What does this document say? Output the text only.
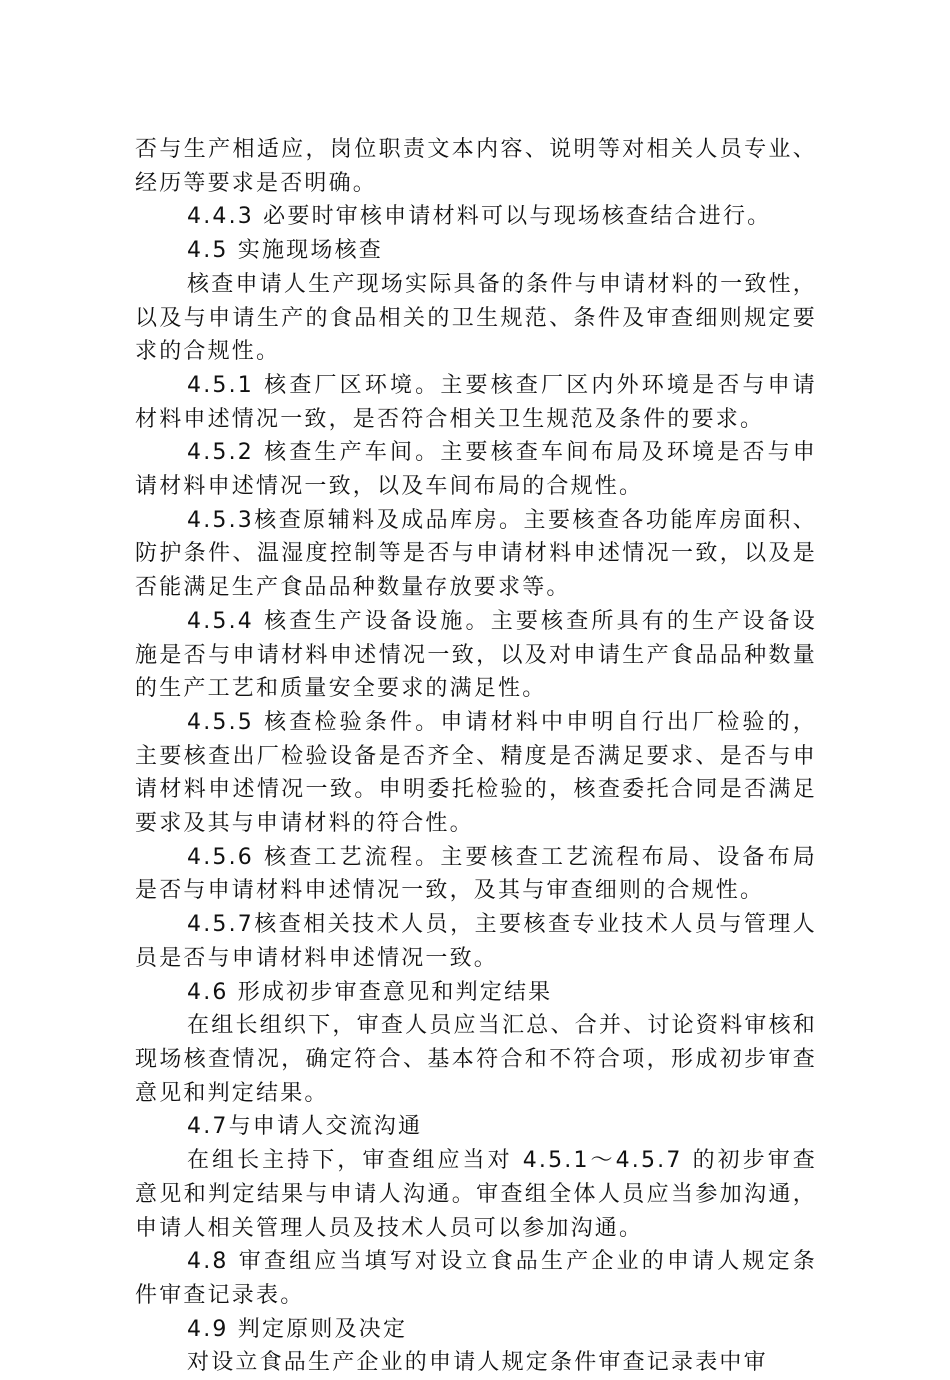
否与生产相适应，岗位职责文本内容、说明等对相关人员专业、经历等要求是否明确。

4.4.3 必要时审核申请材料可以与现场核查结合进行。

4.5 实施现场核查

核查申请人生产现场实际具备的条件与申请材料的一致性，以及与申请生产的食品相关的卫生规范、条件及审查细则规定要求的合规性。

4.5.1 核查厂区环境。主要核查厂区内外环境是否与申请材料申述情况一致，是否符合相关卫生规范及条件的要求。

4.5.2 核查生产车间。主要核查车间布局及环境是否与申请材料申述情况一致，以及车间布局的合规性。

4.5.3核查原辅料及成品库房。主要核查各功能库房面积、防护条件、温湿度控制等是否与申请材料申述情况一致，以及是否能满足生产食品品种数量存放要求等。

4.5.4 核查生产设备设施。主要核查所具有的生产设备设施是否与申请材料申述情况一致，以及对申请生产食品品种数量的生产工艺和质量安全要求的满足性。

4.5.5 核查检验条件。申请材料中申明自行出厂检验的，主要核查出厂检验设备是否齐全、精度是否满足要求、是否与申请材料申述情况一致。申明委托检验的，核查委托合同是否满足要求及其与申请材料的符合性。

4.5.6 核查工艺流程。主要核查工艺流程布局、设备布局是否与申请材料申述情况一致，及其与审查细则的合规性。

4.5.7核查相关技术人员，主要核查专业技术人员与管理人员是否与申请材料申述情况一致。

4.6 形成初步审查意见和判定结果

在组长组织下，审查人员应当汇总、合并、讨论资料审核和现场核查情况，确定符合、基本符合和不符合项，形成初步审查意见和判定结果。

4.7与申请人交流沟通

在组长主持下，审查组应当对 4.5.1～4.5.7 的初步审查意见和判定结果与申请人沟通。审查组全体人员应当参加沟通，申请人相关管理人员及技术人员可以参加沟通。

4.8 审查组应当填写对设立食品生产企业的申请人规定条件审查记录表。

4.9 判定原则及决定

对设立食品生产企业的申请人规定条件审查记录表中审
